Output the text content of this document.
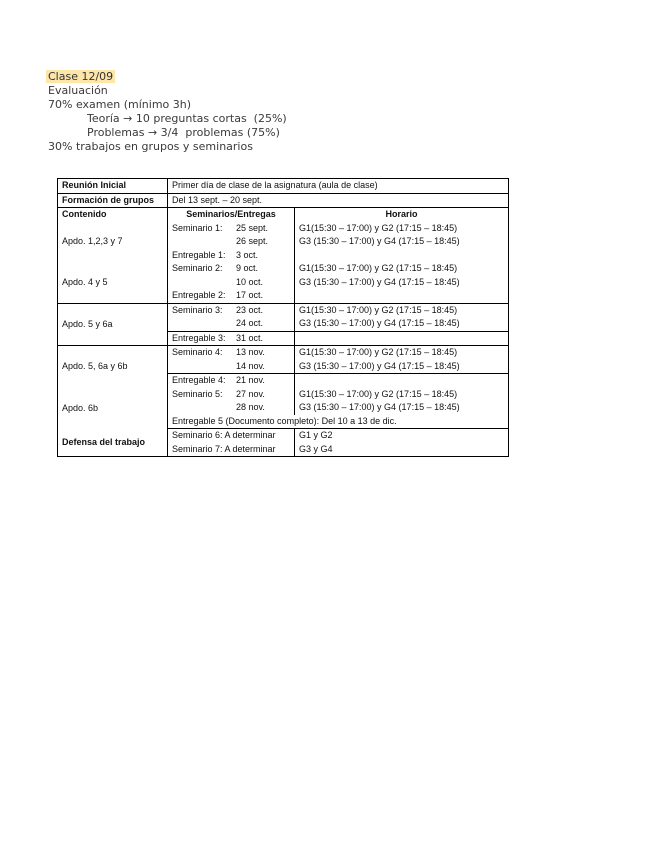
Clase 12/09
Evaluación
70% examen (mínimo 3h)
Teoría → 10 preguntas cortas  (25%)
Problemas → 3/4  problemas (75%)
30% trabajos en grupos y seminarios
Reunión Inicial	Primer día de clase de la asignatura (aula de clase)	
Formación de grupos	Del 13 sept. – 20 sept.	
Contenido	Seminarios/Entregas	Horario
Apdo. 1,2,3 y 7	Seminario 1: 25 sept.	G1(15:30 – 17:00) y G2 (17:15 – 18:45)
	26 sept.	G3 (15:30 – 17:00) y G4 (17:15 – 18:45)
	Entregable 1: 3 oct.	
Apdo. 4 y 5	Seminario 2: 9 oct.	G1(15:30 – 17:00) y G2 (17:15 – 18:45)
	10 oct.	G3 (15:30 – 17:00) y G4 (17:15 – 18:45)
	Entregable 2: 17 oct.	
Apdo. 5 y 6a	Seminario 3: 23 oct.	G1(15:30 – 17:00) y G2 (17:15 – 18:45)
	24 oct.	G3 (15:30 – 17:00) y G4 (17:15 – 18:45)
	Entregable 3: 31 oct.	
Apdo. 5, 6a y 6b	Seminario 4: 13 nov.	G1(15:30 – 17:00) y G2 (17:15 – 18:45)
	14 nov.	G3 (15:30 – 17:00) y G4 (17:15 – 18:45)
	Entregable 4: 21 nov.	
Apdo. 6b	Seminario 5: 27 nov.	G1(15:30 – 17:00) y G2 (17:15 – 18:45)
	28 nov.	G3 (15:30 – 17:00) y G4 (17:15 – 18:45)
	Entregable 5 (Documento completo): Del 10 a 13 de dic.	
Defensa del trabajo	Seminario 6: A determinar	G1 y G2
	Seminario 7: A determinar	G3 y G4
